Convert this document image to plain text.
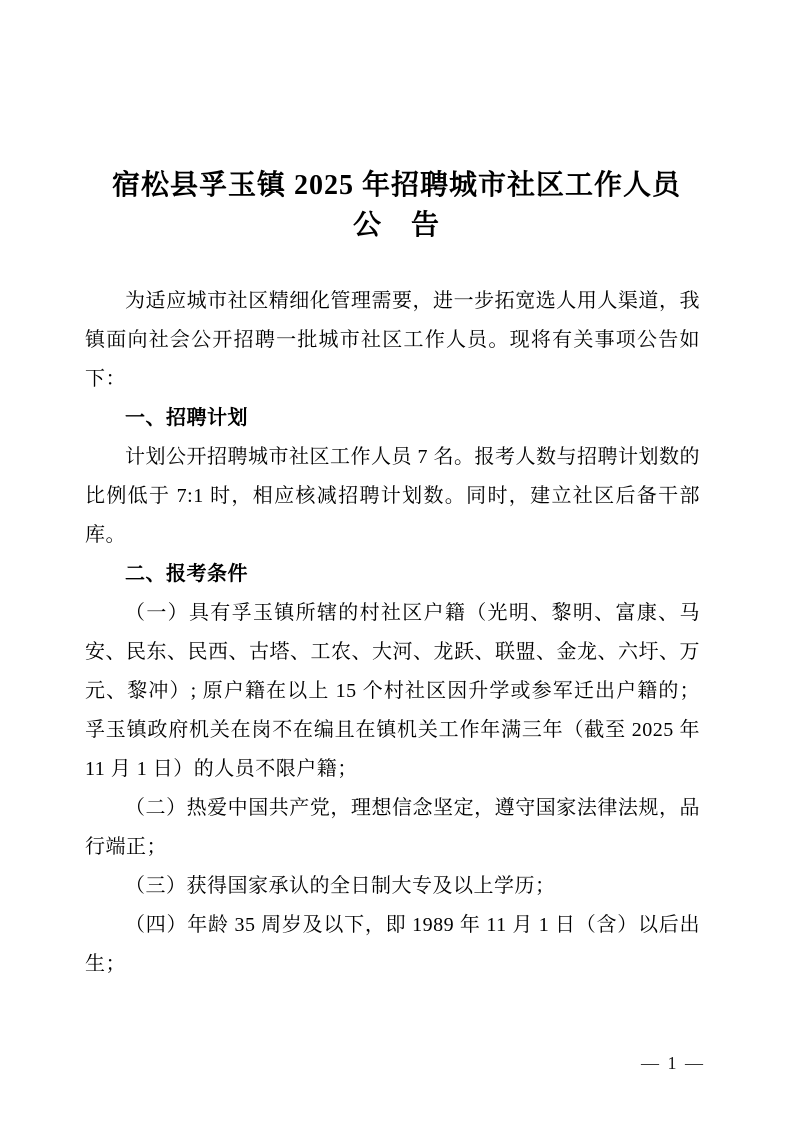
宿松县孚玉镇 2025 年招聘城市社区工作人员
公　告

为适应城市社区精细化管理需要，进一步拓宽选人用人渠道，我镇面向社会公开招聘一批城市社区工作人员。现将有关事项公告如下：

一、招聘计划

计划公开招聘城市社区工作人员 7 名。报考人数与招聘计划数的比例低于 7:1 时，相应核减招聘计划数。同时，建立社区后备干部库。

二、报考条件

（一）具有孚玉镇所辖的村社区户籍（光明、黎明、富康、马安、民东、民西、古塔、工农、大河、龙跃、联盟、金龙、六圩、万元、黎冲）; 原户籍在以上 15 个村社区因升学或参军迁出户籍的；孚玉镇政府机关在岗不在编且在镇机关工作年满三年（截至 2025 年 11 月 1 日）的人员不限户籍；

（二）热爱中国共产党，理想信念坚定，遵守国家法律法规，品行端正；

（三）获得国家承认的全日制大专及以上学历；

（四）年龄 35 周岁及以下，即 1989 年 11 月 1 日（含）以后出生；

— 1 —
